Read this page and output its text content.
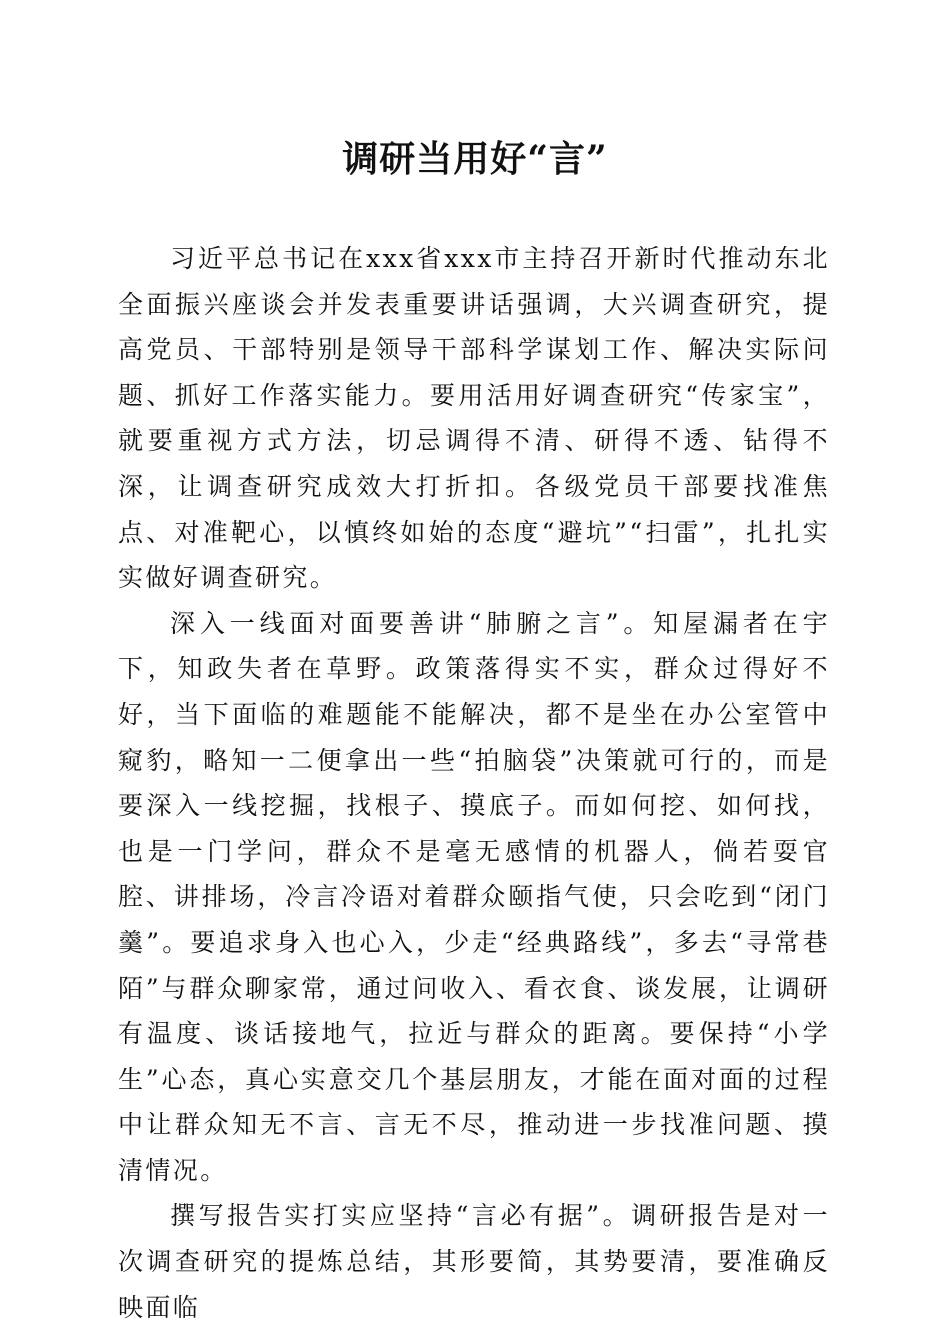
调研当用好“言”

习近平总书记在xxx省xxx市主持召开新时代推动东北全面振兴座谈会并发表重要讲话强调，大兴调查研究，提高党员、干部特别是领导干部科学谋划工作、解决实际问题、抓好工作落实能力。要用活用好调查研究“传家宝”，就要重视方式方法，切忌调得不清、研得不透、钻得不深，让调查研究成效大打折扣。各级党员干部要找准焦点、对准靶心，以慎终如始的态度“避坑”“扫雷”，扎扎实实做好调查研究。

深入一线面对面要善讲“肺腑之言”。知屋漏者在宇下，知政失者在草野。政策落得实不实，群众过得好不好，当下面临的难题能不能解决，都不是坐在办公室管中窥豹，略知一二便拿出一些“拍脑袋”决策就可行的，而是要深入一线挖掘，找根子、摸底子。而如何挖、如何找，也是一门学问，群众不是毫无感情的机器人，倘若耍官腔、讲排场，冷言冷语对着群众颐指气使，只会吃到“闭门羹”。要追求身入也心入，少走“经典路线”，多去“寻常巷陌”与群众聊家常，通过问收入、看衣食、谈发展，让调研有温度、谈话接地气，拉近与群众的距离。要保持“小学生”心态，真心实意交几个基层朋友，才能在面对面的过程中让群众知无不言、言无不尽，推动进一步找准问题、摸清情况。

撰写报告实打实应坚持“言必有据”。调研报告是对一次调查研究的提炼总结，其形要简，其势要清，要准确反映面临
